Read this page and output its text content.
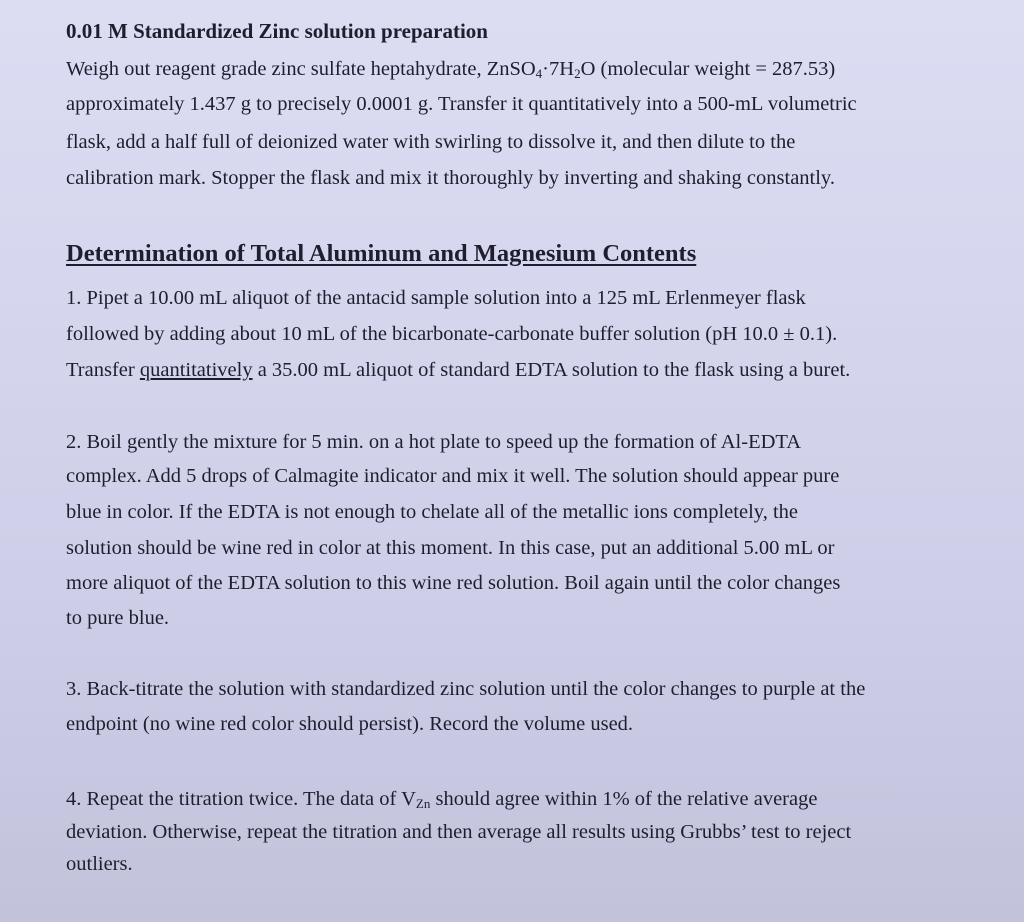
0.01 M Standardized Zinc solution preparation
Weigh out reagent grade zinc sulfate heptahydrate, $ZnSO_4\cdot 7H_2O$ (molecular weight = 287.53)
approximately 1.437 g to precisely 0.0001 g. Transfer it quantitatively into a 500-mL volumetric
flask, add a half full of deionized water with swirling to dissolve it, and then dilute to the
calibration mark. Stopper the flask and mix it thoroughly by inverting and shaking constantly.
Determination of Total Aluminum and Magnesium Contents
1. Pipet a 10.00 mL aliquot of the antacid sample solution into a 125 mL Erlenmeyer flask
followed by adding about 10 mL of the bicarbonate-carbonate buffer solution (pH 10.0 ± 0.1).
Transfer quantitatively a 35.00 mL aliquot of standard EDTA solution to the flask using a buret.
2. Boil gently the mixture for 5 min. on a hot plate to speed up the formation of Al-EDTA
complex. Add 5 drops of Calmagite indicator and mix it well. The solution should appear pure
blue in color. If the EDTA is not enough to chelate all of the metallic ions completely, the
solution should be wine red in color at this moment. In this case, put an additional 5.00 mL or
more aliquot of the EDTA solution to this wine red solution. Boil again until the color changes
to pure blue.
3. Back-titrate the solution with standardized zinc solution until the color changes to purple at the
endpoint (no wine red color should persist). Record the volume used.
4. Repeat the titration twice. The data of $V_{Zn}$ should agree within 1% of the relative average
deviation. Otherwise, repeat the titration and then average all results using Grubbs’ test to reject
outliers.
